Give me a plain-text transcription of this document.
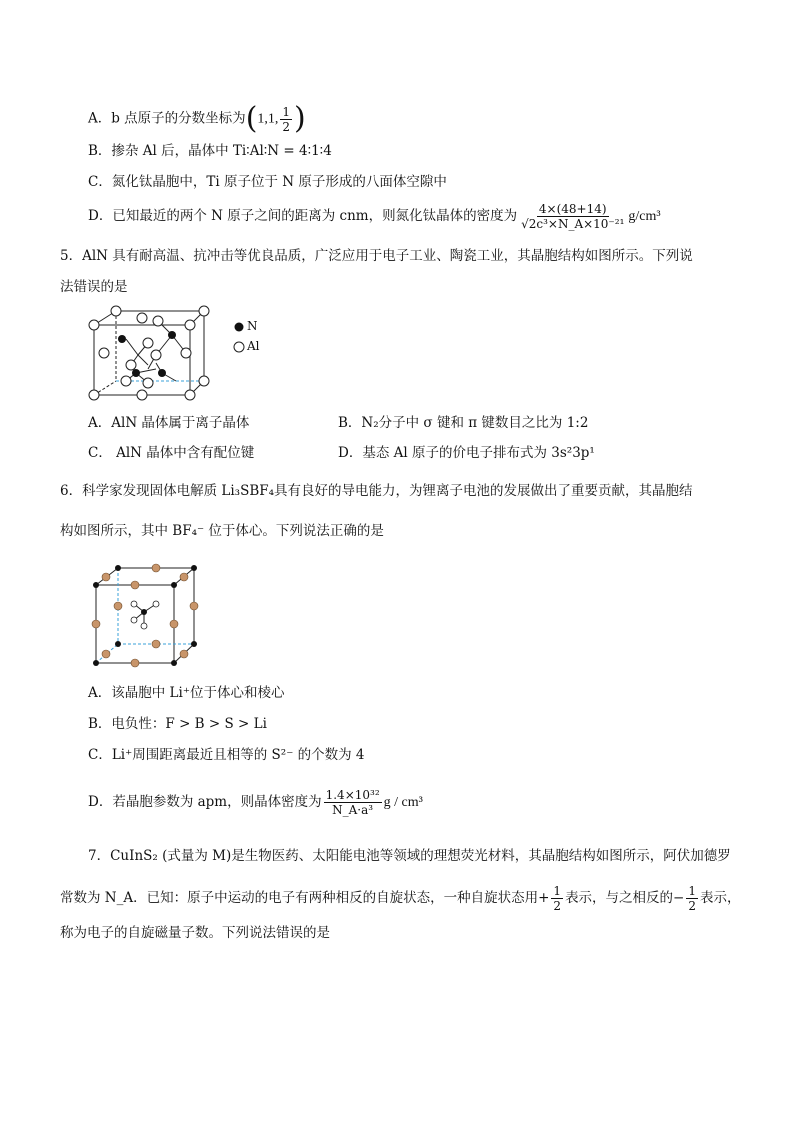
A．b 点原子的分数坐标为(1,1, $\frac{1}{2}$ )
B．掺杂 Al 后，晶体中 Ti∶Al∶N = 4∶1∶4
C．氮化钛晶胞中，Ti 原子位于 N 原子形成的八面体空隙中
D．已知最近的两个 N 原子之间的距离为 cnm，则氮化钛晶体的密度为 $\frac{4\times(48+14)}{\text{√2c³×N\_A×10⁻²¹}} g/cm^3$
5．AlN 具有耐高温、抗冲击等优良品质，广泛应用于电子工业、陶瓷工业，其晶胞结构如图所示。下列说
法错误的是
N
Al
A．AlN 晶体属于离子晶体	B．N₂分子中 σ 键和 π 键数目之比为 1:2
C． AlN 晶体中含有配位键	D．基态 Al 原子的价电子排布式为 3s²3p¹
6．科学家发现固体电解质 Li₃SBF₄具有良好的导电能力，为锂离子电池的发展做出了重要贡献，其晶胞结
构如图所示，其中 BF₄⁻ 位于体心。下列说法正确的是
A．该晶胞中 Li⁺位于体心和棱心
B．电负性：F > B > S > Li
C．Li⁺周围距离最近且相等的 S²⁻ 的个数为 4
D．若晶胞参数为 apm，则晶体密度为 $\frac{\text{1.4×10³²}}{\text{N\_A·a³}}$ g / cm³
7．CuInS₂ (式量为 M)是生物医药、太阳能电池等领域的理想荧光材料，其晶胞结构如图所示，阿伏加德罗
常数为 N_A．已知：原子中运动的电子有两种相反的自旋状态，一种自旋状态用+ $\frac{1}{2}$ 表示，与之相反的− $\frac{1}{2}$ 表示，
称为电子的自旋磁量子数。下列说法错误的是
